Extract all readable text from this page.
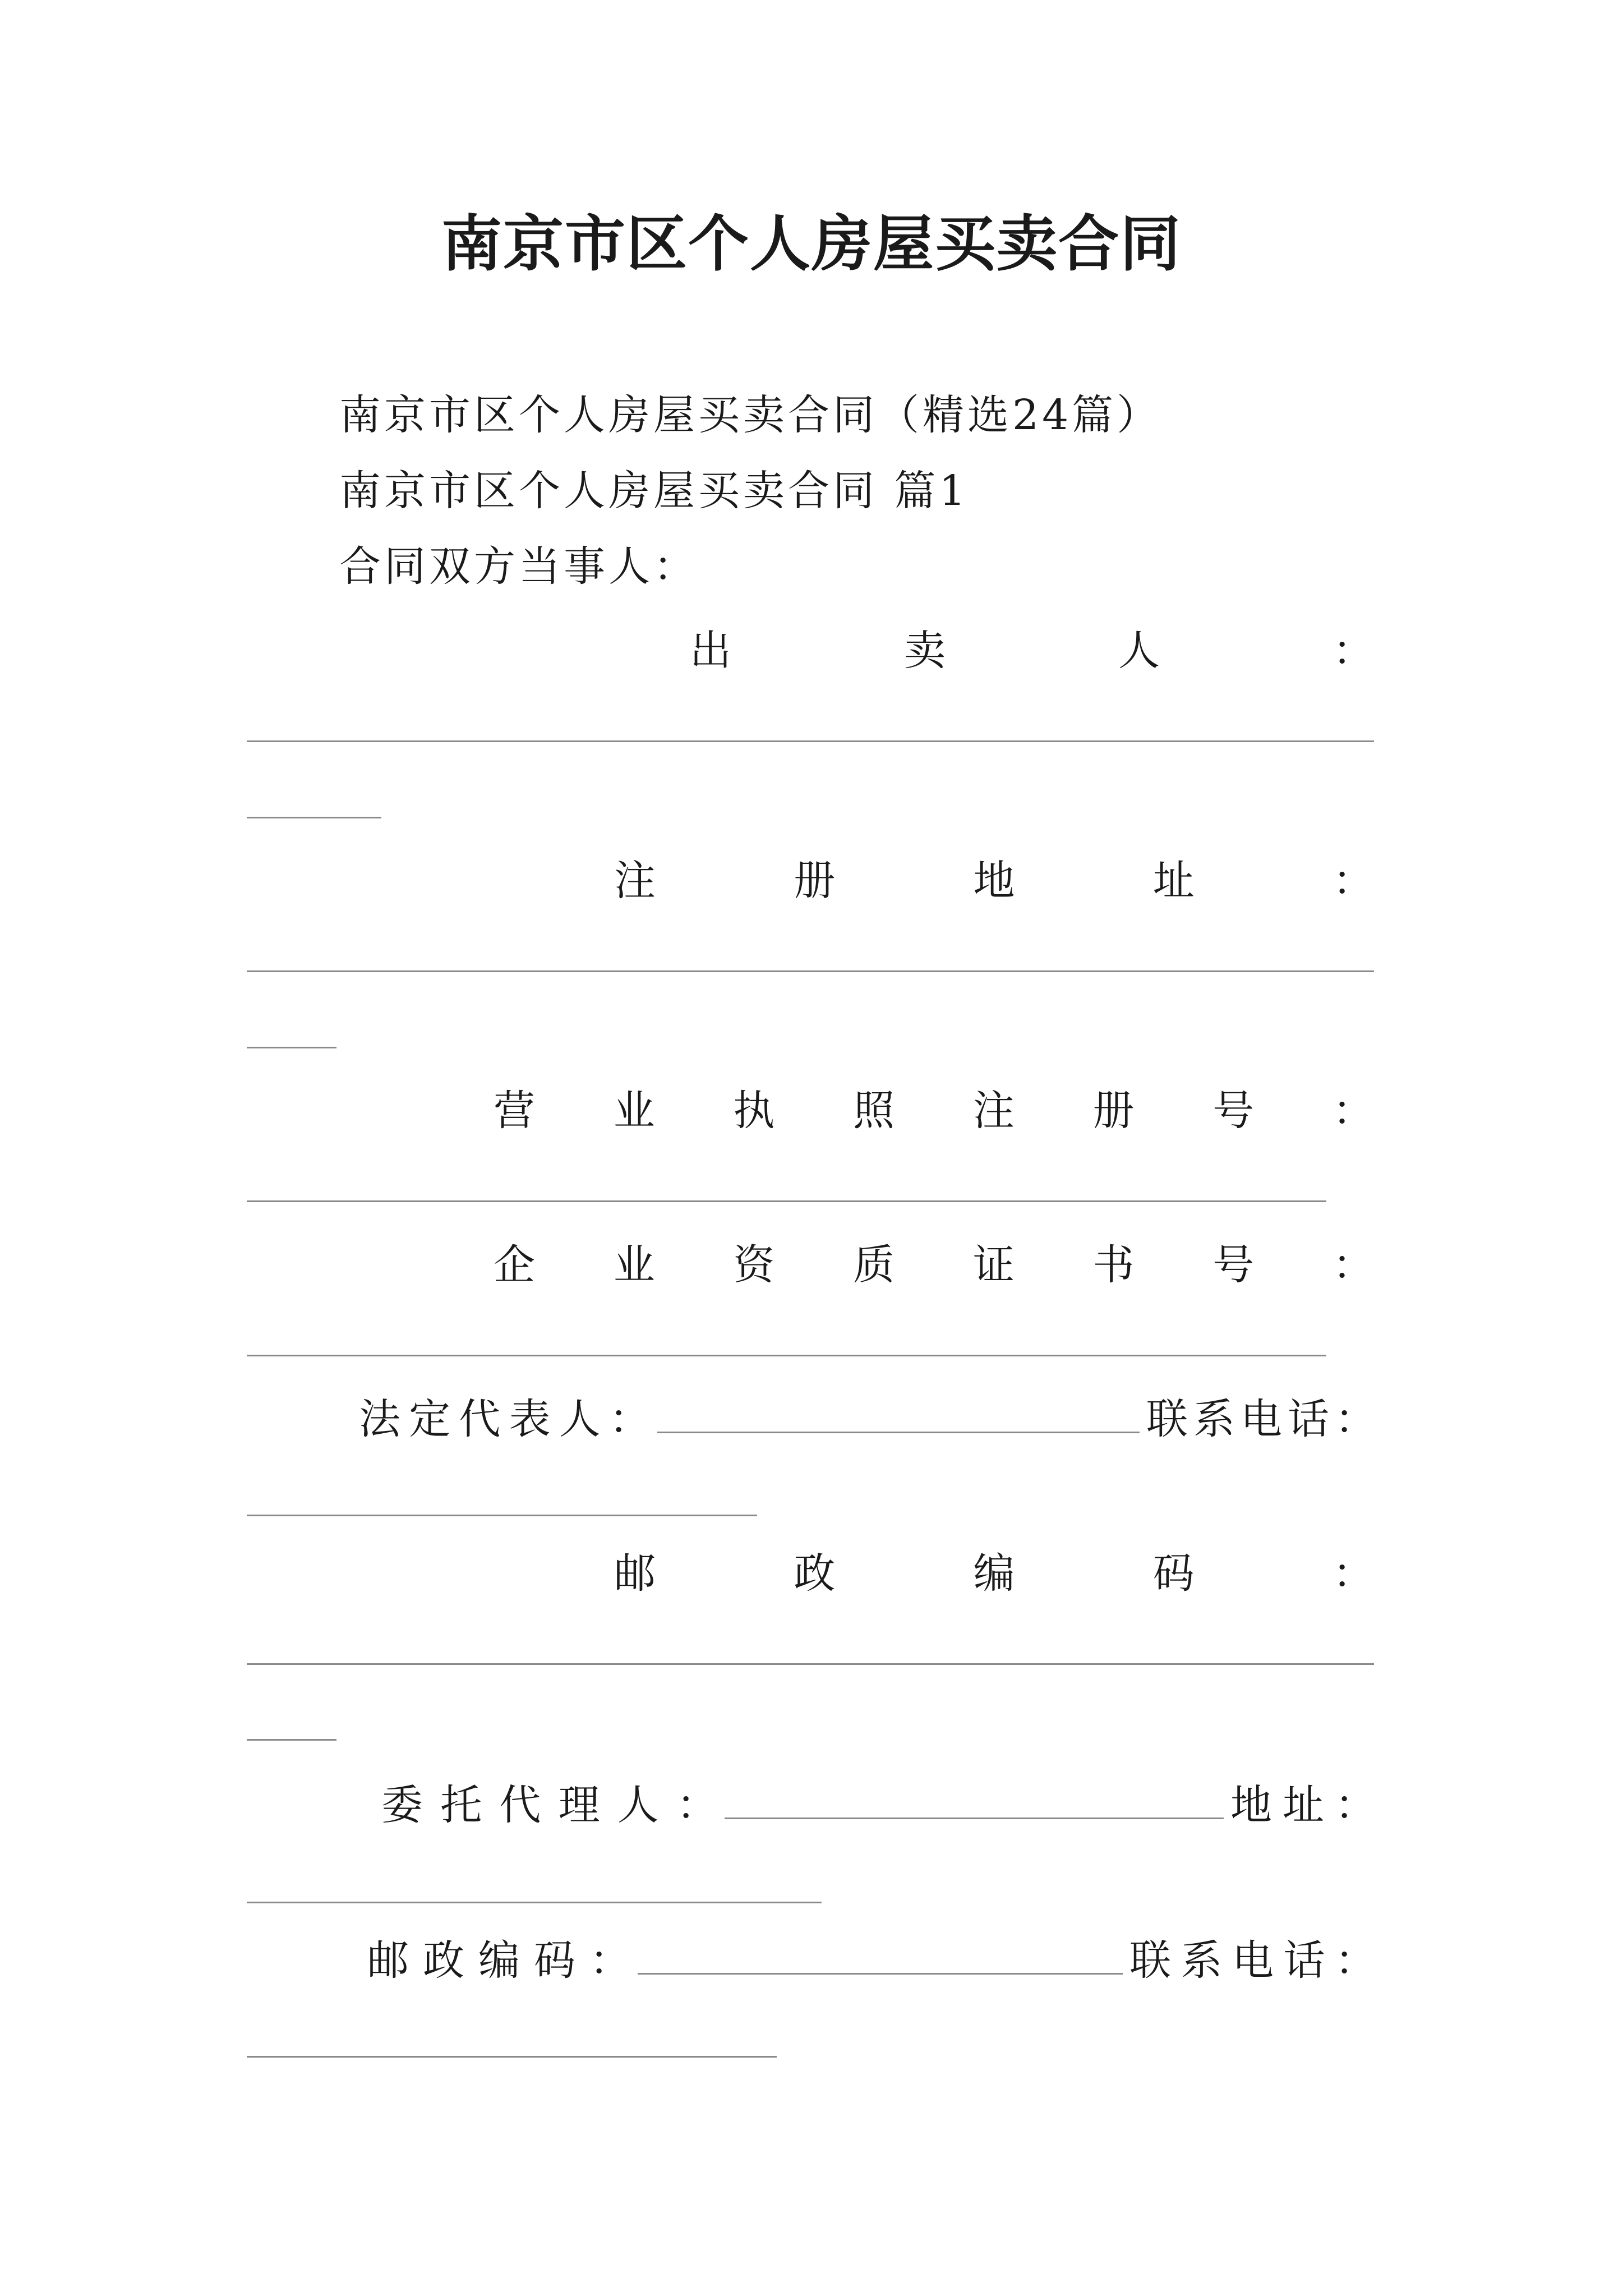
南京市区个人房屋买卖合同
南京市区个人房屋买卖合同（精选24篇）
南京市区个人房屋买卖合同 篇1
合同双方当事人：
出	卖	人	：
注	册	地	址	：
营 业 执 照 注 册 号 ：
企 业 资 质 证 书 号 ：
法 定 代 表 人 ：	联 系 电 话 ：
邮	政	编	码	：
委 托 代 理 人 ：	地 址 ：
邮 政 编 码 ：	联 系 电 话 ：
